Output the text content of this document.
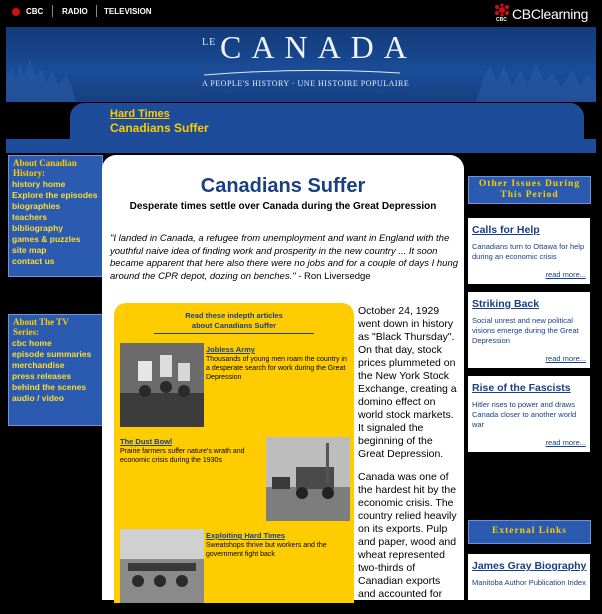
CBC RADIO TELEVISION
CBC CBClearning
LE CANADA
A PEOPLE'S HISTORY · UNE HISTOIRE POPULAIRE
Hard Times
Canadians Suffer
About Canadian History:
history home
Explore the episodes
biographies
teachers
bibliography
games & puzzles
site map
contact us
About The TV Series:
cbc home
episode summaries
merchandise
press releases
behind the scenes
audio / video
Canadians Suffer
Desperate times settle over Canada during the Great Depression
"I landed in Canada, a refugee from unemployment and want in England with the youthful naive idea of finding work and prosperity in the new country ... It soon became apparent that here also there were no jobs and for a couple of days I hung around the CPR depot, dozing on benches." - Ron Liversedge
Read these indepth articles about Canadians Suffer
Jobless Army
Thousands of young men roam the country in a desperate search for work during the Great Depression
The Dust Bowl
Prairie farmers suffer nature's wrath and economic crisis during the 1930s
Exploiting Hard Times
Sweatshops thrive but workers and the government fight back
October 24, 1929 went down in history as "Black Thursday". On that day, stock prices plummeted on the New York Stock Exchange, creating a domino effect on world stock markets. It signaled the beginning of the Great Depression.
Canada was one of the hardest hit by the economic crisis. The country relied heavily on its exports. Pulp and paper, wood and wheat represented two-thirds of Canadian exports and accounted for much of the
Other Issues During This Period
Calls for Help
Canadians turn to Ottawa for help during an economic crisis
read more...
Striking Back
Social unrest and new political visions emerge during the Great Depression
read more...
Rise of the Fascists
Hitler rises to power and draws Canada closer to another world war
read more...
External Links
James Gray Biography
Manitoba Author Publication Index
